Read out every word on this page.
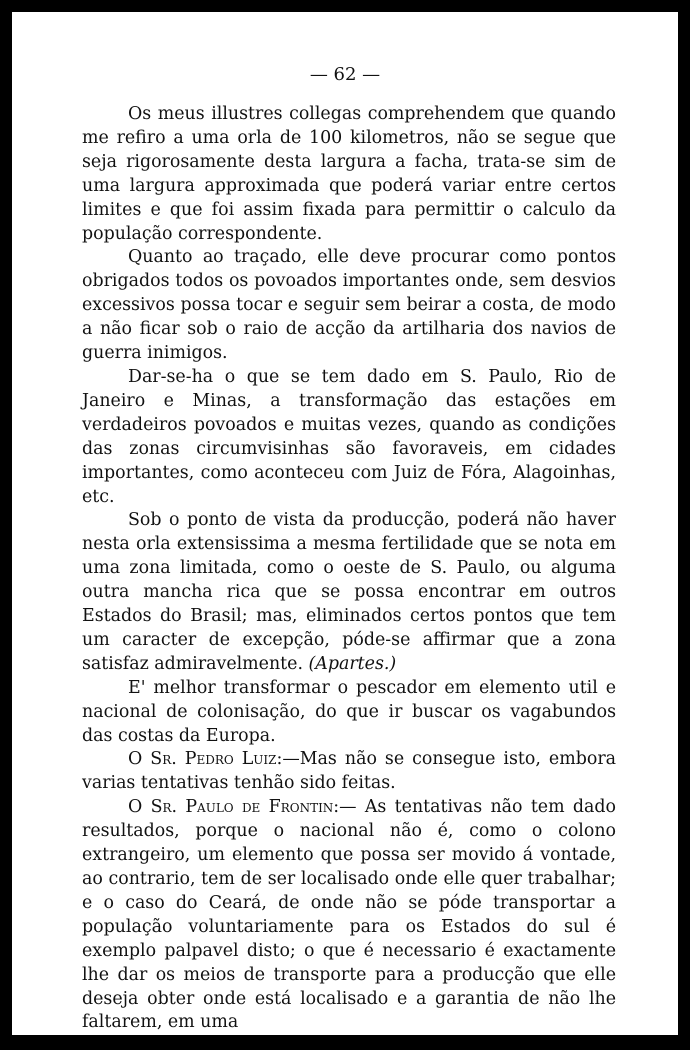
— 62 —

Os meus illustres collegas comprehendem que quando me refiro a uma orla de 100 kilometros, não se segue que seja rigorosamente desta largura a facha, trata-se sim de uma largura approximada que poderá variar entre certos limites e que foi assim fixada para permittir o calculo da população correspondente.

Quanto ao traçado, elle deve procurar como pontos obrigados todos os povoados importantes onde, sem desvios excessivos possa tocar e seguir sem beirar a costa, de modo a não ficar sob o raio de acção da artilharia dos navios de guerra inimigos.

Dar-se-ha o que se tem dado em S. Paulo, Rio de Janeiro e Minas, a transformação das estações em verdadeiros povoados e muitas vezes, quando as condições das zonas circumvisinhas são favoraveis, em cidades importantes, como aconteceu com Juiz de Fóra, Alagoinhas, etc.

Sob o ponto de vista da producção, poderá não haver nesta orla extensissima a mesma fertilidade que se nota em uma zona limitada, como o oeste de S. Paulo, ou alguma outra mancha rica que se possa encontrar em outros Estados do Brasil; mas, eliminados certos pontos que tem um caracter de excepção, póde-se affirmar que a zona satisfaz admiravelmente. (Apartes.)

E' melhor transformar o pescador em elemento util e nacional de colonisação, do que ir buscar os vagabundos das costas da Europa.

O Sr. Pedro Luiz:—Mas não se consegue isto, embora varias tentativas tenhão sido feitas.

O Sr. Paulo de Frontin:— As tentativas não tem dado resultados, porque o nacional não é, como o colono extrangeiro, um elemento que possa ser movido á vontade, ao contrario, tem de ser localisado onde elle quer trabalhar; e o caso do Ceará, de onde não se póde transportar a população voluntariamente para os Estados do sul é exemplo palpavel disto; o que é necessario é exactamente lhe dar os meios de transporte para a producção que elle deseja obter onde está localisado e a garantia de não lhe faltarem, em uma
